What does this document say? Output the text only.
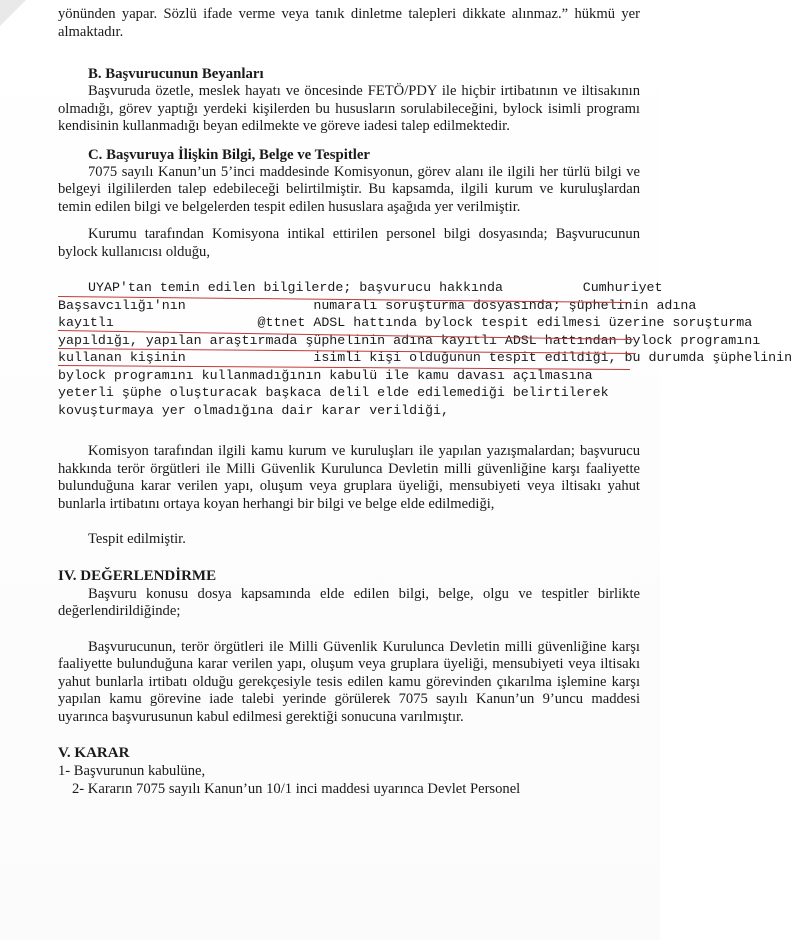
yönünden yapar. Sözlü ifade verme veya tanık dinletme talepleri dikkate alınmaz.” hükmü yer almaktadır.

B. Başvurucunun Beyanları

Başvuruda özetle, meslek hayatı ve öncesinde FETÖ/PDY ile hiçbir irtibatının ve iltisakının olmadığı, görev yaptığı yerdeki kişilerden bu hususların sorulabileceğini, bylock isimli programı kendisinin kullanmadığı beyan edilmekte ve göreve iadesi talep edilmektedir.

C. Başvuruya İlişkin Bilgi, Belge ve Tespitler

7075 sayılı Kanun’un 5’inci maddesinde Komisyonun, görev alanı ile ilgili her türlü bilgi ve belgeyi ilgililerden talep edebileceği belirtilmiştir. Bu kapsamda, ilgili kurum ve kuruluşlardan temin edilen bilgi ve belgelerden tespit edilen hususlara aşağıda yer verilmiştir.

Kurumu tarafından Komisyona intikal ettirilen personel bilgi dosyasında; Başvurucunun bylock kullanıcısı olduğu,

UYAP'tan temin edilen bilgilerde; başvurucu hakkında          Cumhuriyet
Başsavcılığı'nın                numaralı soruşturma dosyasında; şüphelinin adına
kayıtlı                  @ttnet ADSL hattında bylock tespit edilmesi üzerine soruşturma
yapıldığı, yapılan araştırmada şüphelinin adına kayıtlı ADSL hattından bylock programını
kullanan kişinin                isimli kişi olduğunun tespit edildiği, bu durumda şüphelinin

bylock programını kullanmadığının kabulü ile kamu davası açılmasına yeterli şüphe oluşturacak başkaca delil elde edilemediği belirtilerek kovuşturmaya yer olmadığına dair karar verildiği,

Komisyon tarafından ilgili kamu kurum ve kuruluşları ile yapılan yazışmalardan; başvurucu hakkında terör örgütleri ile Milli Güvenlik Kurulunca Devletin milli güvenliğine karşı faaliyette bulunduğuna karar verilen yapı, oluşum veya gruplara üyeliği, mensubiyeti veya iltisakı yahut bunlarla irtibatını ortaya koyan herhangi bir bilgi ve belge elde edilmediği,

Tespit edilmiştir.

IV. DEĞERLENDİRME

Başvuru konusu dosya kapsamında elde edilen bilgi, belge, olgu ve tespitler birlikte değerlendirildiğinde;

Başvurucunun, terör örgütleri ile Milli Güvenlik Kurulunca Devletin milli güvenliğine karşı faaliyette bulunduğuna karar verilen yapı, oluşum veya gruplara üyeliği, mensubiyeti veya iltisakı yahut bunlarla irtibatı olduğu gerekçesiyle tesis edilen kamu görevinden çıkarılma işlemine karşı yapılan kamu görevine iade talebi yerinde görülerek 7075 sayılı Kanun’un 9’uncu maddesi uyarınca başvurusunun kabul edilmesi gerektiği sonucuna varılmıştır.

V. KARAR

1- Başvurunun kabulüne,

2- Kararın 7075 sayılı Kanun’un 10/1 inci maddesi uyarınca Devlet Personel
